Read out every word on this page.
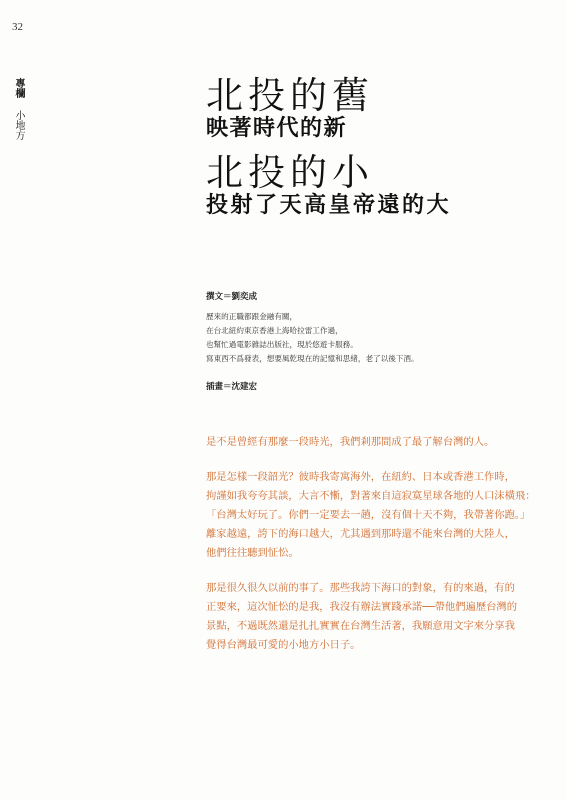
32
專欄
小地方
北投的舊
映著時代的新
北投的小
投射了天高皇帝遠的大

撰文＝劉奕成

歷來的正職都跟金融有關，
在台北紐約東京香港上海哈拉雷工作過，
也幫忙過電影雜誌出版社，現於悠遊卡服務。
寫東西不爲發表，想要風乾現在的記憶和思緒，老了以後下酒。

插畫＝沈建宏

是不是曾經有那麼一段時光，我們剎那間成了最了解台灣的人。

那是怎樣一段韶光？彼時我寄寓海外，在紐約、日本或香港工作時，
拘謹如我夸夸其談，大言不慚，對著來自這寂寞星球各地的人口沫橫飛：
「台灣太好玩了。你們一定要去一趟，沒有個十天不夠，我帶著你跑。」
離家越遠，誇下的海口越大，尤其遇到那時還不能來台灣的大陸人，
他們往往聽到怔忪。

那是很久很久以前的事了。那些我誇下海口的對象，有的來過，有的
正要來，這次怔忪的是我，我沒有辦法實踐承諾──帶他們遍歷台灣的
景點，不過既然還是扎扎實實在台灣生活著，我願意用文字來分享我
覺得台灣最可愛的小地方小日子。
